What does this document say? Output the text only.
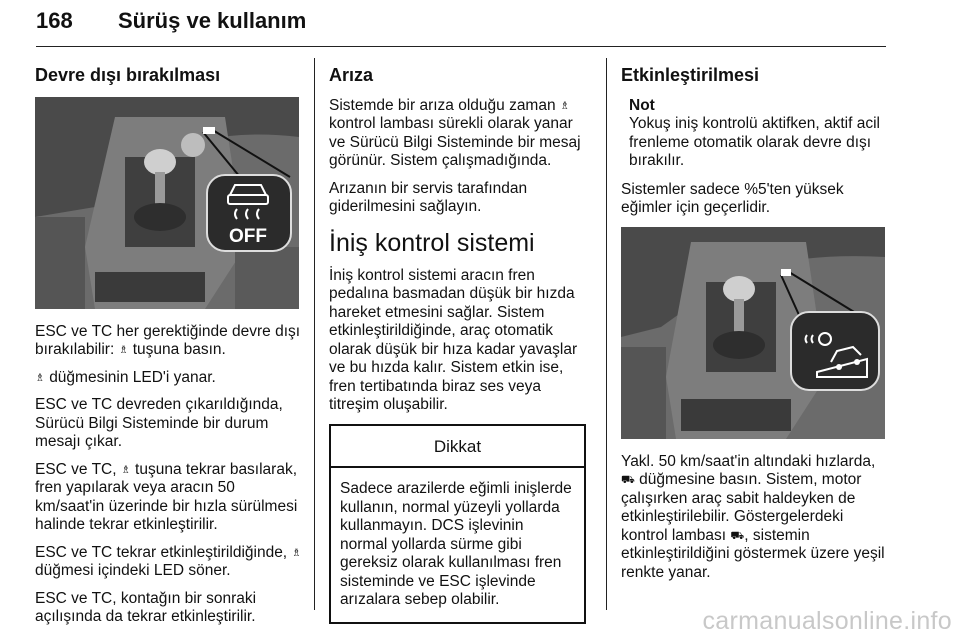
168 Sürüş ve kullanım
Devre dışı bırakılması
OFF

ESC ve TC her gerektiğinde devre dışı bırakılabilir: ♗ tuşuna basın.

♗ düğmesinin LED'i yanar.

ESC ve TC devreden çıkarıldığında, Sürücü Bilgi Sisteminde bir durum mesajı çıkar.

ESC ve TC, ♗ tuşuna tekrar basılarak, fren yapılarak veya aracın 50 km/saat'in üzerinde bir hızla sürülmesi halinde tekrar etkinleştirilir.

ESC ve TC tekrar etkinleştirildiğinde, ♗ düğmesi içindeki LED söner.

ESC ve TC, kontağın bir sonraki açılışında da tekrar etkinleştirilir.

Arıza

Sistemde bir arıza olduğu zaman ♗ kontrol lambası sürekli olarak yanar ve Sürücü Bilgi Sisteminde bir mesaj görünür. Sistem çalışmadığında.

Arızanın bir servis tarafından giderilmesini sağlayın.

İniş kontrol sistemi

İniş kontrol sistemi aracın fren pedalına basmadan düşük bir hızda hareket etmesini sağlar. Sistem etkinleştirildiğinde, araç otomatik olarak düşük bir hıza kadar yavaşlar ve bu hızda kalır. Sistem etkin ise, fren tertibatında biraz ses veya titreşim oluşabilir.

Dikkat
Sadece arazilerde eğimli inişlerde kullanın, normal yüzeyli yollarda kullanmayın. DCS işlevinin normal yollarda sürme gibi gereksiz olarak kullanılması fren sisteminde ve ESC işlevinde arızalara sebep olabilir.
Etkinleştirilmesi

Not

Yokuş iniş kontrolü aktifken, aktif acil frenleme otomatik olarak devre dışı bırakılır.

Sistemler sadece %5'ten yüksek eğimler için geçerlidir.

Yakl. 50 km/saat'in altındaki hızlarda, ⛟ düğmesine basın. Sistem, motor çalışırken araç sabit haldeyken de etkinleştirilebilir. Göstergelerdeki kontrol lambası ⛟, sistemin etkinleştirildiğini göstermek üzere yeşil renkte yanar.

carmanualsonline.info
